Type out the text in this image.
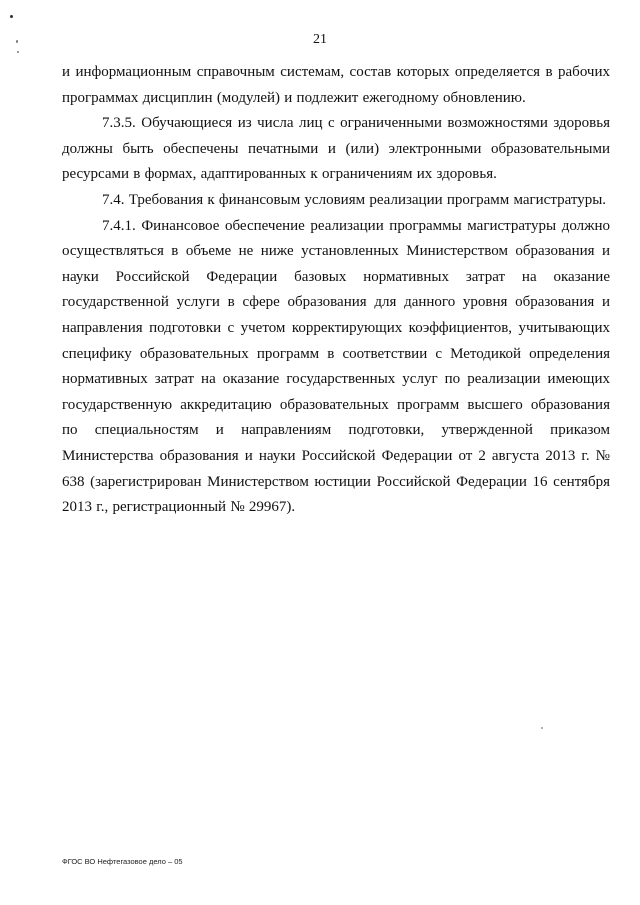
21

и информационным справочным системам, состав которых определяется в рабочих программах дисциплин (модулей) и подлежит ежегодному обновлению.

7.3.5. Обучающиеся из числа лиц с ограниченными возможностями здоровья должны быть обеспечены печатными и (или) электронными образовательными ресурсами в формах, адаптированных к ограничениям их здоровья.

7.4. Требования к финансовым условиям реализации программ магистратуры.

7.4.1. Финансовое обеспечение реализации программы магистратуры должно осуществляться в объеме не ниже установленных Министерством образования и науки Российской Федерации базовых нормативных затрат на оказание государственной услуги в сфере образования для данного уровня образования и направления подготовки с учетом корректирующих коэффициентов, учитывающих специфику образовательных программ в соответствии с Методикой определения нормативных затрат на оказание государственных услуг по реализации имеющих государственную аккредитацию образовательных программ высшего образования по специальностям и направлениям подготовки, утвержденной приказом Министерства образования и науки Российской Федерации от 2 августа 2013 г. № 638 (зарегистрирован Министерством юстиции Российской Федерации 16 сентября 2013 г., регистрационный № 29967).

ФГОС ВО Нефтегазовое дело – 05
